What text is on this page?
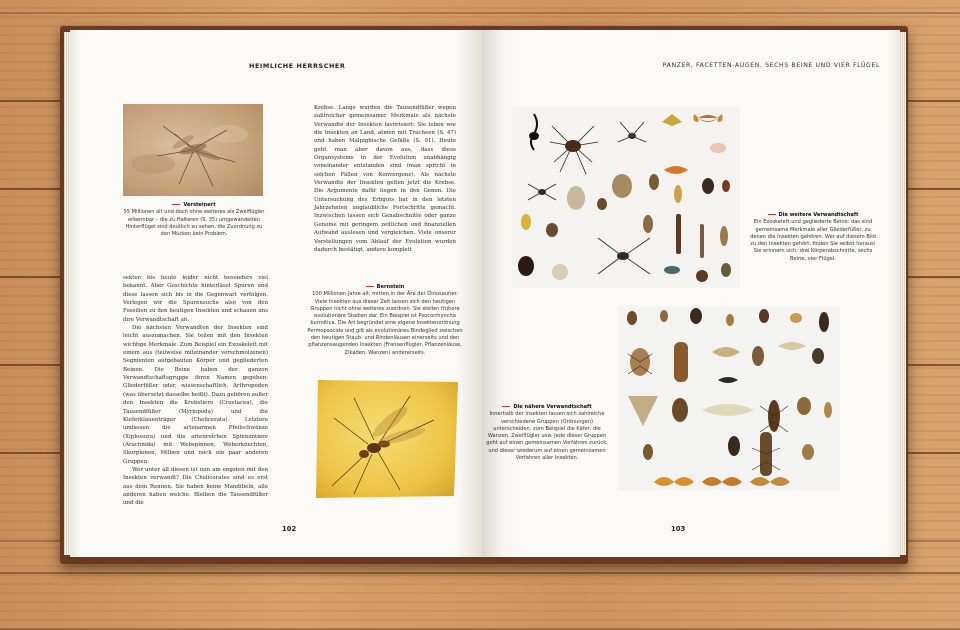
HEIMLICHE HERRSCHER
Versteinert
55 Millionen alt und doch ohne weiteres als Zweiflügler erkennbar – die zu Halteren (S. 35) umgewandelten Hinterflügel sind deutlich zu sehen, die Zuordnung zu den Mücken kein Problem.

sekten bis heute leider nicht besonders viel bekannt. Aber Geschichte hinterlässt Spuren und diese lassen sich bis in die Gegenwart verfolgen. Verlegen wir die Spurensuche also von den Fossilien zu den heutigen Insekten und schauen uns ihre Verwandtschaft an.

Die nächsten Verwandten der Insekten sind leicht auszumachen. Sie teilen mit den Insekten wichtige Merkmale. Zum Beispiel ein Exoskelett mit einem aus (teilweise miteinander verschmolzenen) Segmenten aufgebauten Körper und gegliederten Beinen. Die Beine haben der ganzen Verwandtschaftsgruppe ihren Namen gegeben: Gliederfüßer oder, wissenschaftlich, Arthropoden (was übersetzt dasselbe heißt). Dazu gehören außer den Insekten die Krebstiere (Crustacea), die Tausendfüßer (Myriopoda) und die Kieferklauenträger (Chelicerata). Letztere umfassen die artenarmen Pfeilschwänze (Xiphosura) und die artenreichen Spinnentiere (Arachnida) mit Webspinnen, Weberknechten, Skorpionen, Milben und noch ein paar anderen Gruppen.

Wer unter all diesen ist nun am engsten mit den Insekten verwandt? Die Chelicerates sind es erst aus dem Rennen. Sie haben keine Mandibeln, alle anderen haben welche. Bleiben die Tausendfüßer und die

Krebse. Lange wurden die Tausendfüßer wegen zahlreicher gemeinsamer Merkmale als nächste Verwandte der Insekten favorisiert: Sie leben wie die Insekten an Land, atmen mit Tracheen (S. 47) und haben Malpighische Gefäße (S. 91). Heute geht man aber davon aus, dass diese Organsysteme in der Evolution unabhängig voneinander entstanden sind (man spricht in solchen Fällen von Konvergenz). Als nächste Verwandte der Insekten gelten jetzt die Krebse. Die Argumente dafür liegen in den Genen. Die Untersuchung des Erbguts hat in den letzten Jahrzehnten unglaubliche Fortschritte gemacht. Inzwischen lassen sich Genabschnitte oder ganze Genome mit geringem zeitlichen und finanziellen Aufwand auslesen und vergleichen. Viele unserer Vorstellungen vom Ablauf der Evolution wurden dadurch bestätigt, andere komplett

Bernstein
100 Millionen Jahre alt, mitten in der Ära der Dinosaurier. Viele Insekten aus dieser Zeit lassen sich den heutigen Gruppen nicht ohne weiteres zuordnen. Sie stellen frühere evolutionäre Stadien dar. Ein Beispiel ist Psocorrhyncha burmitica. Die Art begründet eine eigene Insektenordnung Permopsocida und gilt als evolutionäres Bindeglied zwischen den heutigen Staub- und Rindenläusen einerseits und den pflanzensaugenden Insekten (Fransenflügler, Pflanzenläuse, Zikaden, Wanzen) andererseits.
102
PANZER, FACETTEN-AUGEN, SECHS BEINE UND VIER FLÜGEL
Die weitere Verwandtschaft
Ein Exoskelett und gegliederte Beine: das sind gemeinsame Merkmale aller Gliederfüßer, zu denen die Insekten gehören. Wer auf diesem Bild zu den Insekten gehört, finden Sie selbst heraus! Sie erinnern sich: drei Körperabschnitte, sechs Beine, vier Flügel.
Die nähere Verwandtschaft
Innerhalb der Insekten lassen sich zahlreiche verschiedene Gruppen (Ordnungen) unterscheiden, zum Beispiel die Käfer, die Wanzen, Zweiflügler usw. Jede dieser Gruppen geht auf einen gemeinsamen Vorfahren zurück, und dieser wiederum auf einen gemeinsamen Vorfahren aller Insekten.
103
